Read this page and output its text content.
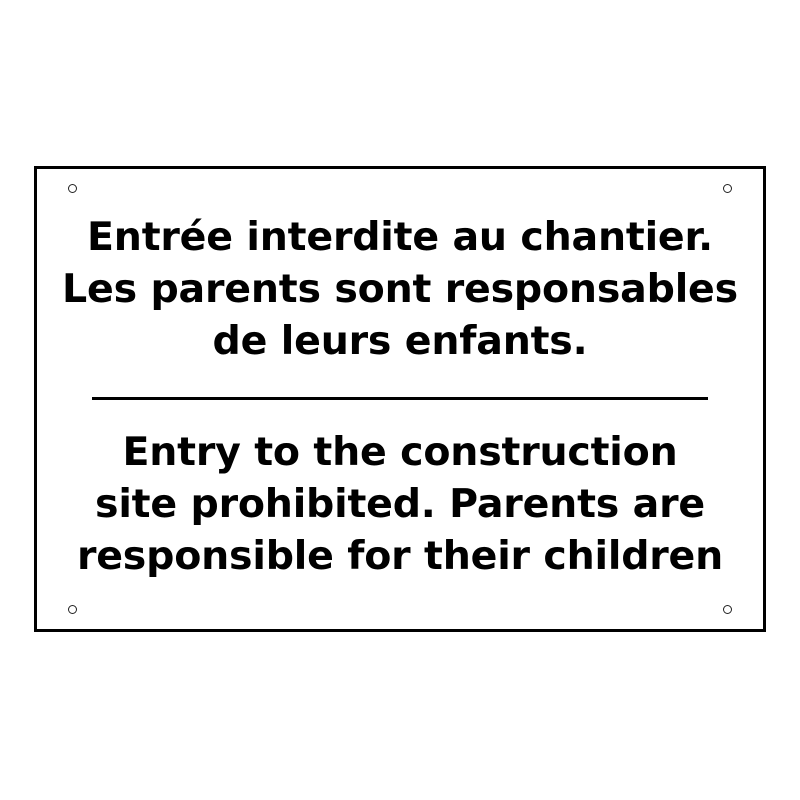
Entrée interdite au chantier.

Les parents sont responsables

de leurs enfants.

Entry to the construction

site prohibited. Parents are

responsible for their children
